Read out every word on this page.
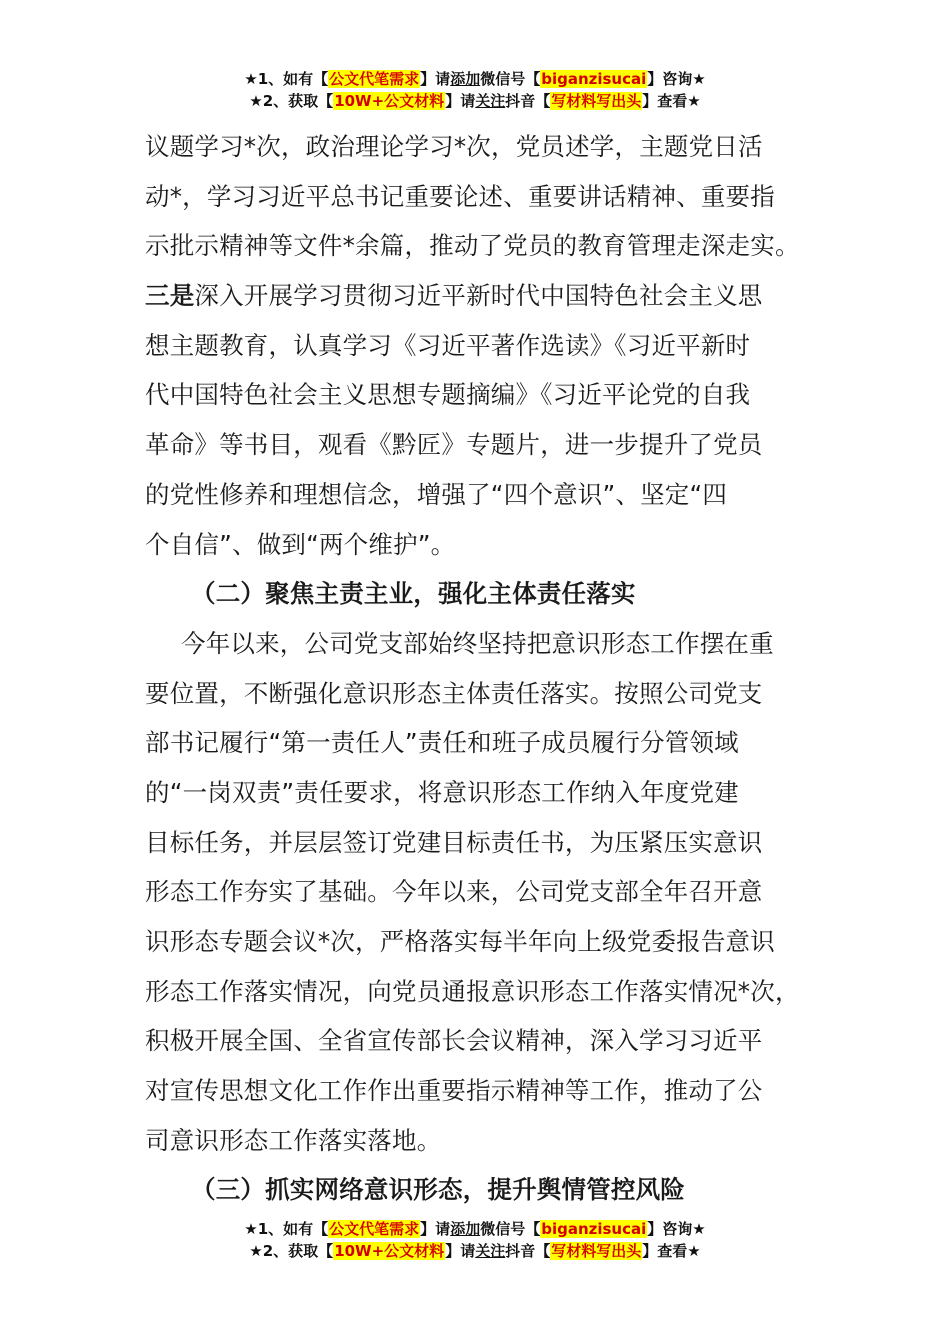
★1、如有【公文代笔需求】请添加微信号【biganzisucai】咨询★
★2、获取【10W+公文材料】请关注抖音【写材料写出头】查看★
议题学习*次，政治理论学习*次，党员述学，主题党日活
动*，学习习近平总书记重要论述、重要讲话精神、重要指
示批示精神等文件*余篇，推动了党员的教育管理走深走实。
三是深入开展学习贯彻习近平新时代中国特色社会主义思
想主题教育，认真学习《习近平著作选读》《习近平新时
代中国特色社会主义思想专题摘编》《习近平论党的自我
革命》等书目，观看《黔匠》专题片，进一步提升了党员
的党性修养和理想信念，增强了“四个意识”、坚定“四
个自信”、做到“两个维护”。
（二）聚焦主责主业，强化主体责任落实
今年以来，公司党支部始终坚持把意识形态工作摆在重
要位置，不断强化意识形态主体责任落实。按照公司党支
部书记履行“第一责任人”责任和班子成员履行分管领域
的“一岗双责”责任要求，将意识形态工作纳入年度党建
目标任务，并层层签订党建目标责任书，为压紧压实意识
形态工作夯实了基础。今年以来，公司党支部全年召开意
识形态专题会议*次，严格落实每半年向上级党委报告意识
形态工作落实情况，向党员通报意识形态工作落实情况*次，
积极开展全国、全省宣传部长会议精神，深入学习习近平
对宣传思想文化工作作出重要指示精神等工作，推动了公
司意识形态工作落实落地。
（三）抓实网络意识形态，提升舆情管控风险
★1、如有【公文代笔需求】请添加微信号【biganzisucai】咨询★
★2、获取【10W+公文材料】请关注抖音【写材料写出头】查看★
